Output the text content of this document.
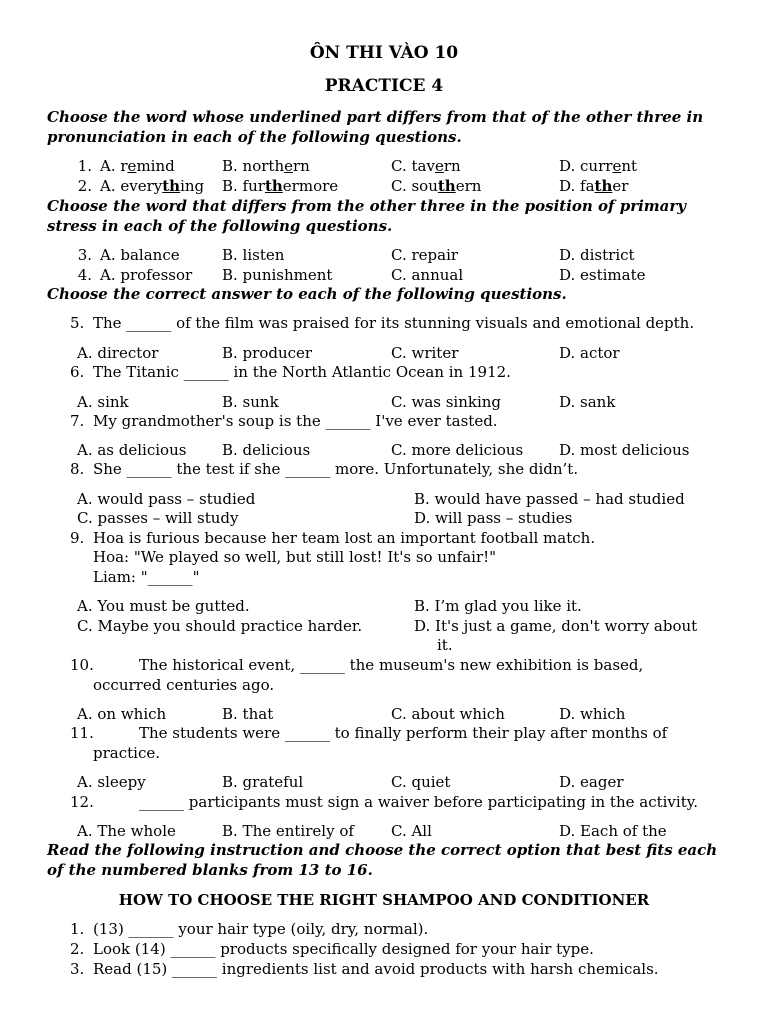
ÔN THI VÀO 10
PRACTICE 4
Choose the word whose underlined part differs from that of the other three in pronunciation in each of the following questions.
1. A. remind	B. northern	C. tavern	D. current
2. A. everything B. furthermore	C. southern	D. father
Choose the word that differs from the other three in the position of primary stress in each of the following questions.
3. A. balance	B. listen	C. repair	D. district
4. A. professor B. punishment	C. annual	D. estimate
Choose the correct answer to each of the following questions.
5. The ______ of the film was praised for its stunning visuals and emotional depth.
A. director	B. producer	C. writer	D. actor
6. The Titanic ______ in the North Atlantic Ocean in 1912.
A. sink	B. sunk	C. was sinking	D. sank
7. My grandmother's soup is the ______ I've ever tasted.
A. as delicious B. delicious	C. more delicious D. most delicious
8. She ______ the test if she ______ more. Unfortunately, she didn’t.
A. would pass – studied	B. would have passed – had studied
C. passes – will study	D. will pass – studies
9. Hoa is furious because her team lost an important football match.
Hoa: "We played so well, but still lost! It's so unfair!"
Liam: "______"
A. You must be gutted.	B. I’m glad you like it.
C. Maybe you should practice harder.	D. It's just a game, don't worry about
it.
10.	The historical event, ______ the museum's new exhibition is based,
occurred centuries ago.
A. on which	B. that	C. about which	D. which
11.	The students were ______ to finally perform their play after months of
practice.
A. sleepy	B. grateful	C. quiet	D. eager
12.	______ participants must sign a waiver before participating in the activity.
A. The whole	B. The entirely of C. All	D. Each of the
Read the following instruction and choose the correct option that best fits each of the numbered blanks from 13 to 16.
HOW TO CHOOSE THE RIGHT SHAMPOO AND CONDITIONER
1. (13) ______ your hair type (oily, dry, normal).
2. Look (14) ______ products specifically designed for your hair type.
3. Read (15) ______ ingredients list and avoid products with harsh chemicals.
